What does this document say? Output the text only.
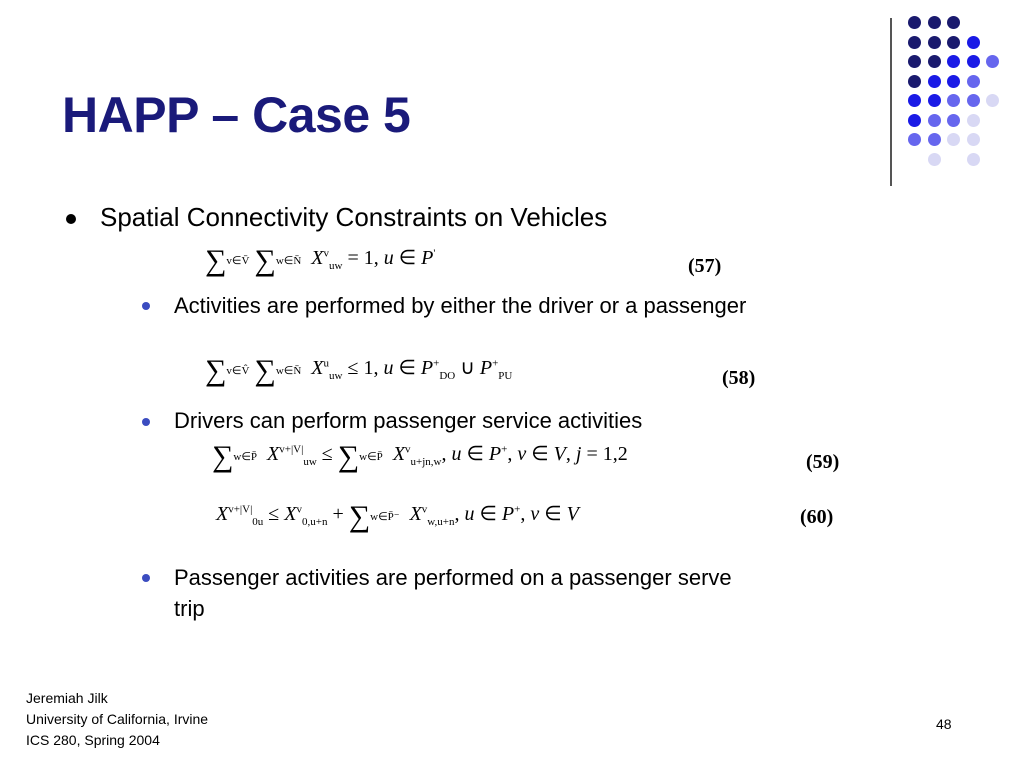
HAPP – Case 5
Spatial Connectivity Constraints on Vehicles
∑v∈V̄ ∑w∈N̄ $X^v_{uw} = 1$, u ∈ P'
(57)
Activities are performed by either the driver or a passenger
∑v∈V̂ ∑w∈N̄ $X^u_{uw} \le 1$, u ∈ $P^+_{DO}$ ∪ $P^+_{PU}$	(58)
Drivers can perform passenger service activities
∑w∈P̄ $X^{v+|V|}_{uw}$ ≤ ∑w∈P̄ $X^v_{u+jn,w}$, u ∈ P+, v ∈ V, j = 1,2	(59)
$X^{v+|V|}_{0u} \le X^v_{0,u+n}$ + ∑w∈P̄⁻ $X^v_{w,u+n}$, u ∈ P+, v ∈ V	(60)
Passenger activities are performed on a passenger serve
trip
Jeremiah Jilk
University of California, Irvine
ICS 280, Spring 2004
48
